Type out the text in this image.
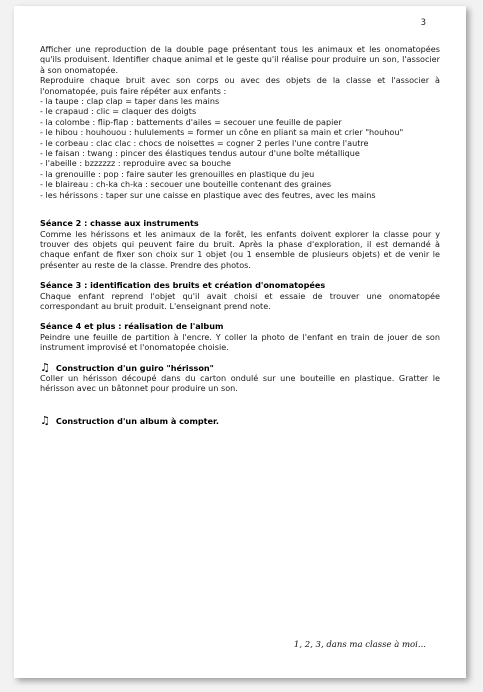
3

Afficher une reproduction de la double page présentant tous les animaux et les onomatopées qu'ils produisent. Identifier chaque animal et le geste qu'il réalise pour produire un son, l'associer à son onomatopée.

Reproduire chaque bruit avec son corps ou avec des objets de la classe et l'associer à l'onomatopée, puis faire répéter aux enfants :

- la taupe : clap clap = taper dans les mains

- le crapaud : clic = claquer des doigts

- la colombe : flip-flap : battements d'ailes = secouer une feuille de papier

- le hibou : houhouou : hululements = former un cône en pliant sa main et crier "houhou"

- le corbeau : clac clac : chocs de noisettes = cogner 2 perles l'une contre l'autre

- le faisan : twang : pincer des élastiques tendus autour d'une boîte métallique

- l'abeille : bzzzzzz : reproduire avec sa bouche

- la grenouille : pop : faire sauter les grenouilles en plastique du jeu

- le blaireau : ch-ka ch-ka : secouer une bouteille contenant des graines

- les hérissons : taper sur une caisse en plastique avec des feutres, avec les mains

Séance 2 : chasse aux instruments

Comme les hérissons et les animaux de la forêt, les enfants doivent explorer la classe pour y trouver des objets qui peuvent faire du bruit. Après la phase d'exploration, il est demandé à chaque enfant de fixer son choix sur 1 objet (ou 1 ensemble de plusieurs objets) et de venir le présenter au reste de la classe. Prendre des photos.

Séance 3 : identification des bruits et création d'onomatopées

Chaque enfant reprend l'objet qu'il avait choisi et essaie de trouver une onomatopée correspondant au bruit produit. L'enseignant prend note.

Séance 4 et plus : réalisation de l'album

Peindre une feuille de partition à l'encre. Y coller la photo de l'enfant en train de jouer de son instrument improvisé et l'onomatopée choisie.

♫ Construction d'un guiro "hérisson"

Coller un hérisson découpé dans du carton ondulé sur une bouteille en plastique. Gratter le hérisson avec un bâtonnet pour produire un son.

♫ Construction d'un album à compter.
1, 2, 3, dans ma classe à moi...
